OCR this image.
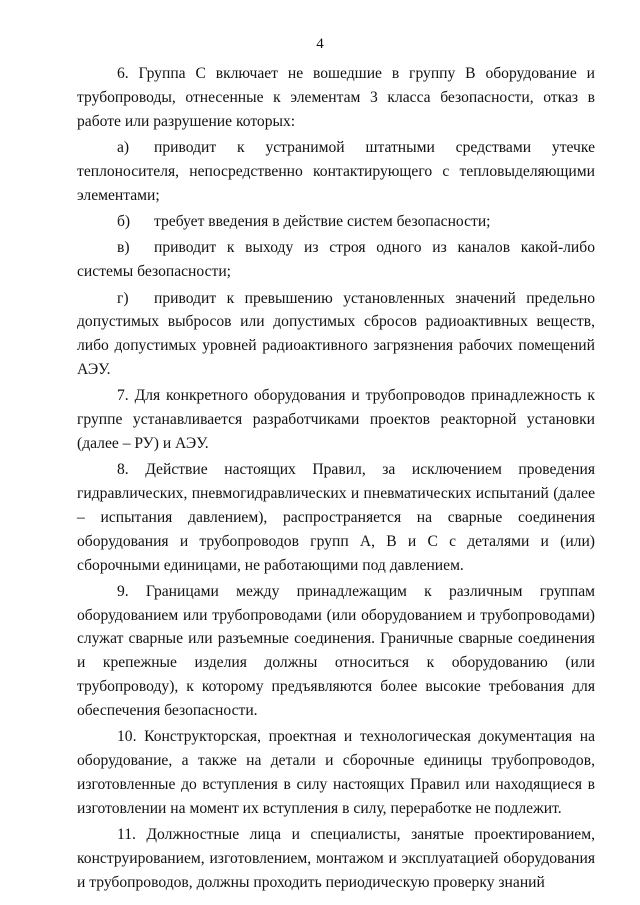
4

6. Группа С включает не вошедшие в группу В оборудование и трубопроводы, отнесенные к элементам 3 класса безопасности, отказ в работе или разрушение которых:

а) приводит к устранимой штатными средствами утечке теплоносителя, непосредственно контактирующего с тепловыделяющими элементами;

б) требует введения в действие систем безопасности;

в) приводит к выходу из строя одного из каналов какой-либо системы безопасности;

г) приводит к превышению установленных значений предельно допустимых выбросов или допустимых сбросов радиоактивных веществ, либо допустимых уровней радиоактивного загрязнения рабочих помещений АЭУ.

7. Для конкретного оборудования и трубопроводов принадлежность к группе устанавливается разработчиками проектов реакторной установки (далее – РУ) и АЭУ.

8. Действие настоящих Правил, за исключением проведения гидравлических, пневмогидравлических и пневматических испытаний (далее – испытания давлением), распространяется на сварные соединения оборудования и трубопроводов групп А, В и С с деталями и (или) сборочными единицами, не работающими под давлением.

9. Границами между принадлежащим к различным группам оборудованием или трубопроводами (или оборудованием и трубопроводами) служат сварные или разъемные соединения. Граничные сварные соединения и крепежные изделия должны относиться к оборудованию (или трубопроводу), к которому предъявляются более высокие требования для обеспечения безопасности.

10. Конструкторская, проектная и технологическая документация на оборудование, а также на детали и сборочные единицы трубопроводов, изготовленные до вступления в силу настоящих Правил или находящиеся в изготовлении на момент их вступления в силу, переработке не подлежит.

11. Должностные лица и специалисты, занятые проектированием, конструированием, изготовлением, монтажом и эксплуатацией оборудования и трубопроводов, должны проходить периодическую проверку знаний
